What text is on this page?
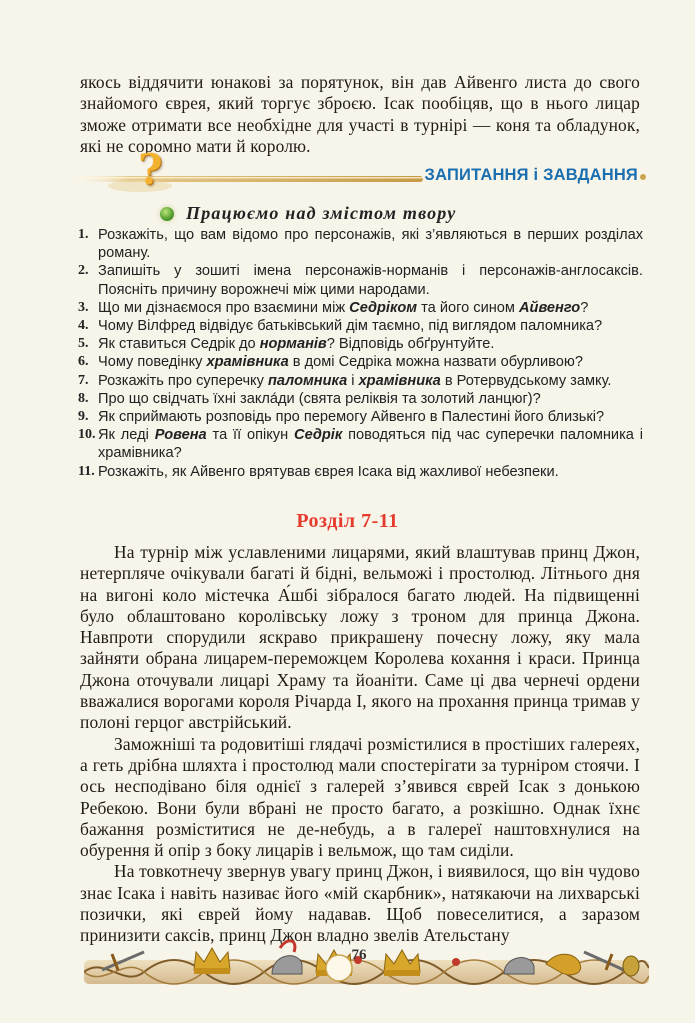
якось віддячити юнакові за порятунок, він дав Айвенго листа до свого знайомого єврея, який торгує зброєю. Ісак пообіцяв, що в нього лицар зможе отримати все необхідне для участі в турнірі — коня та обладунок, які не соромно мати й королю.
?	ЗАПИТАННЯ і ЗАВДАННЯ
Працюємо над змістом твору
1. Розкажіть, що вам відомо про персонажів, які з’являються в перших розділах роману.
2. Запишіть у зошиті імена персонажів-норманів і персонажів-англосаксів. Поясніть причину ворожнечі між цими народами.
3. Що ми дізнаємося про взаємини між Седріком та його сином Айвенго?
4. Чому Вілфред відвідує батьківський дім таємно, під виглядом паломника?
5. Як ставиться Седрік до норманів? Відповідь обґрунтуйте.
6. Чому поведінку храмівника в домі Седріка можна назвати обурливою?
7. Розкажіть про суперечку паломника і храмівника в Ротервудському замку.
8. Про що свідчать їхні закла́ди (свята реліквія та золотий ланцюг)?
9. Як сприймають розповідь про перемогу Айвенго в Палестині його близькі?
10. Як леді Ровена та її опікун Седрік поводяться під час суперечки паломника і храмівника?
11. Розкажіть, як Айвенго врятував єврея Ісака від жахливої небезпеки.
Розділ 7-11

На турнір між уславленими лицарями, який влаштував принц Джон, нетерпляче очікували багаті й бідні, вельможі і простолюд. Літнього дня на вигоні коло містечка А́шбі зібралося багато людей. На підвищенні було облаштовано королівську ложу з троном для принца Джона. Навпроти спорудили яскраво прикрашену почесну ложу, яку мала зайняти обрана лицарем-переможцем Королева кохання і краси. Принца Джона оточували лицарі Храму та йоаніти. Саме ці два чернечі ордени вважалися ворогами короля Річарда I, якого на прохання принца тримав у полоні герцог австрійський.

Заможніші та родовитіші глядачі розмістилися в простіших галереях, а геть дрібна шляхта і простолюд мали спостерігати за турніром стоячи. І ось несподівано біля однієї з галерей з’явився єврей Ісак з донькою Ребекою. Вони були вбрані не просто багато, а розкішно. Однак їхнє бажання розміститися не де-небудь, а в галереї наштовхнулися на обурення й опір з боку лицарів і вельмож, що там сиділи.

На товкотнечу звернув увагу принц Джон, і виявилося, що він чудово знає Ісака і навіть називає його «мій скарбник», натякаючи на лихварські позички, які єврей йому надавав. Щоб повеселитися, а заразом принизити саксів, принц Джон владно звелів Ательстану

76
